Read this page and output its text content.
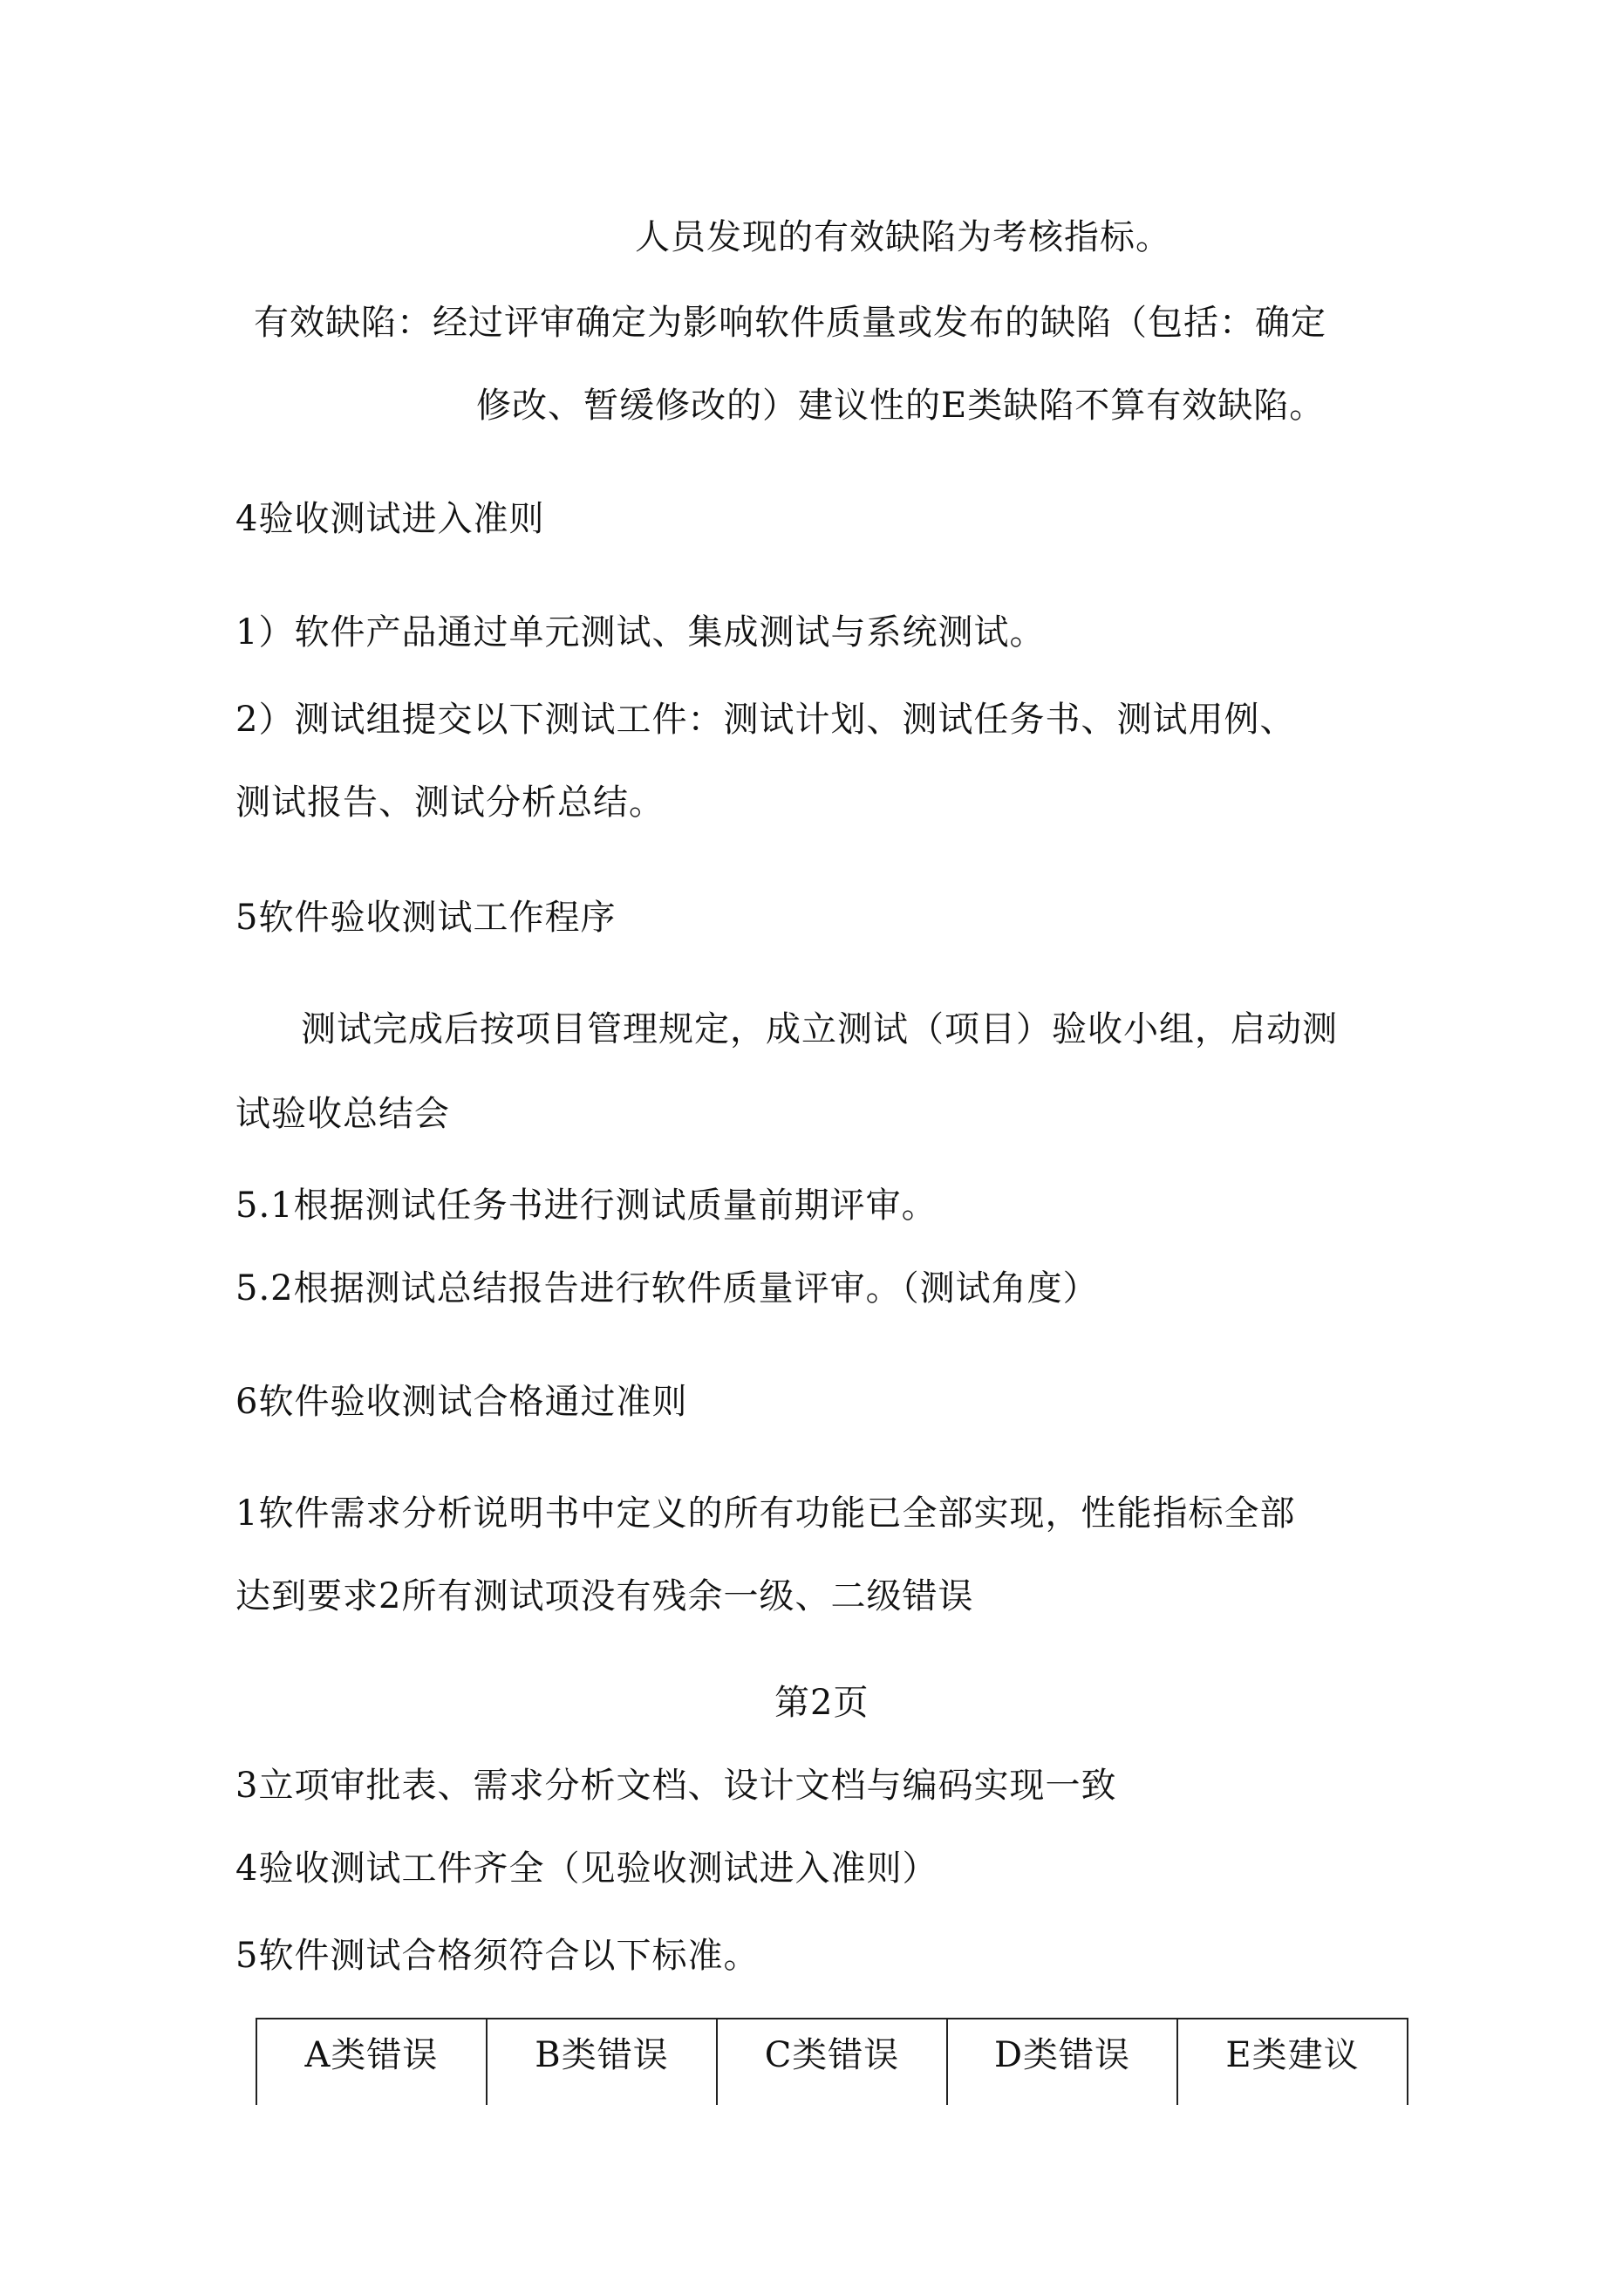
人员发现的有效缺陷为考核指标。
有效缺陷：经过评审确定为影响软件质量或发布的缺陷（包括：确定
修改、暂缓修改的）建议性的E类缺陷不算有效缺陷。
4验收测试进入准则
1）软件产品通过单元测试、集成测试与系统测试。
2）测试组提交以下测试工件：测试计划、测试任务书、测试用例、
测试报告、测试分析总结。
5软件验收测试工作程序
测试完成后按项目管理规定，成立测试（项目）验收小组，启动测
试验收总结会
5.1根据测试任务书进行测试质量前期评审。
5.2根据测试总结报告进行软件质量评审。（测试角度）
6软件验收测试合格通过准则
1软件需求分析说明书中定义的所有功能已全部实现，性能指标全部
达到要求2所有测试项没有残余一级、二级错误
第2页
3立项审批表、需求分析文档、设计文档与编码实现一致
4验收测试工件齐全（见验收测试进入准则）
5软件测试合格须符合以下标准。
A类错误	B类错误	C类错误	D类错误	E类建议
